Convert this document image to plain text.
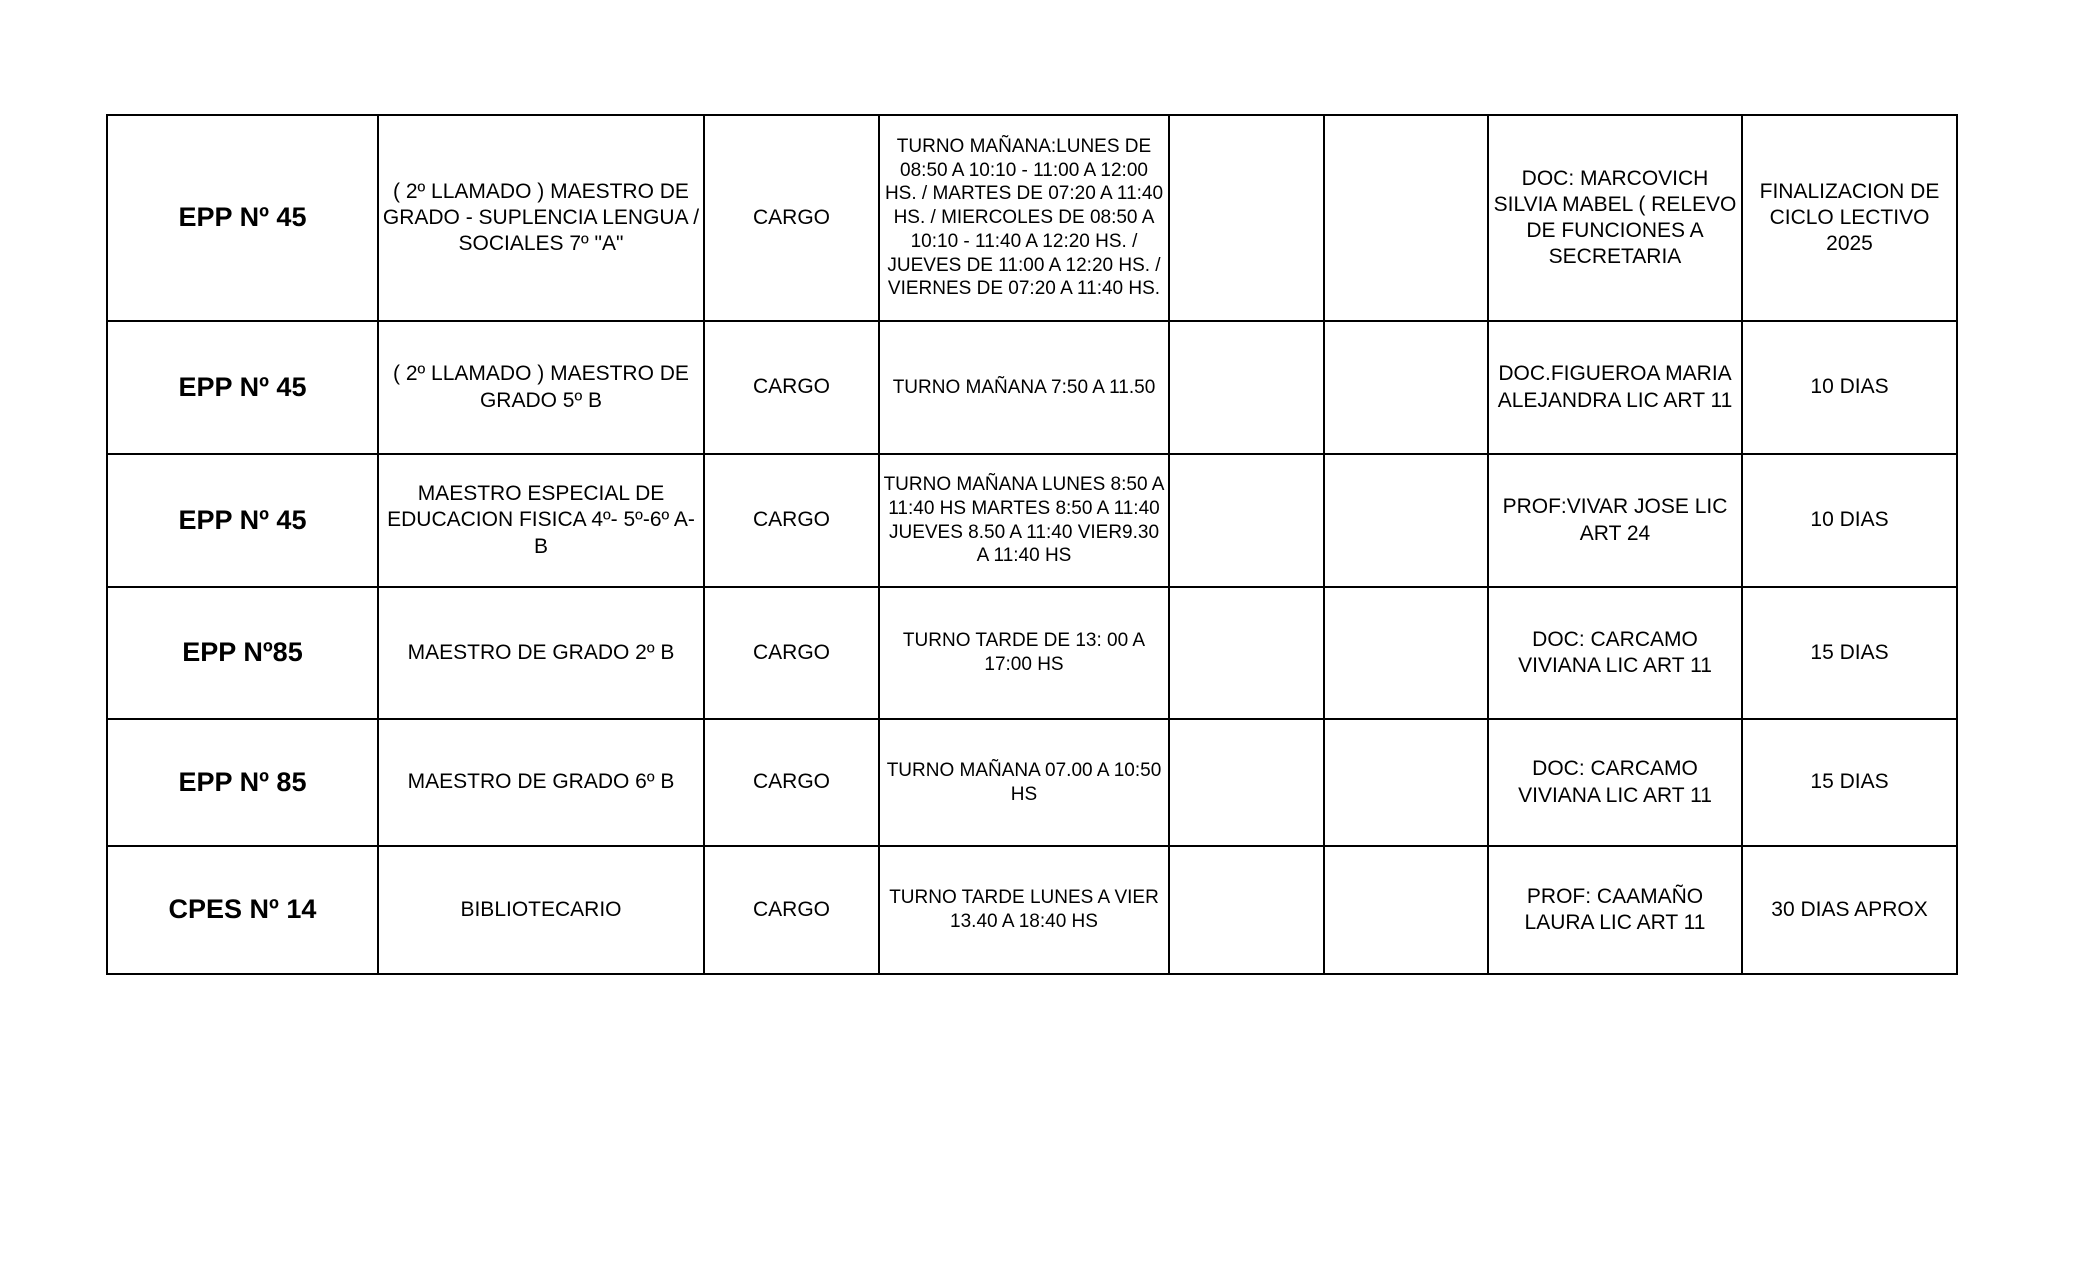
EPP Nº 45	( 2º LLAMADO ) MAESTRO DE GRADO - SUPLENCIA LENGUA / SOCIALES 7º "A"	CARGO	TURNO MAÑANA:LUNES DE 08:50 A 10:10 - 11:00 A 12:00 HS. / MARTES DE 07:20 A 11:40 HS. / MIERCOLES DE 08:50 A 10:10 - 11:40 A 12:20 HS. / JUEVES DE 11:00 A 12:20 HS. / VIERNES DE 07:20 A 11:40 HS.			DOC: MARCOVICH SILVIA MABEL ( RELEVO DE FUNCIONES A SECRETARIA	FINALIZACION DE CICLO LECTIVO 2025
EPP Nº 45	( 2º LLAMADO ) MAESTRO DE GRADO 5º B	CARGO	TURNO MAÑANA 7:50 A 11.50			DOC.FIGUEROA MARIA ALEJANDRA LIC ART 11	10 DIAS
EPP Nº 45	MAESTRO ESPECIAL DE EDUCACION FISICA 4º- 5º-6º A-B	CARGO	TURNO MAÑANA LUNES 8:50 A 11:40 HS MARTES 8:50 A 11:40 JUEVES 8.50 A 11:40 VIER9.30 A 11:40 HS			PROF:VIVAR JOSE LIC ART 24	10 DIAS
EPP Nº85	MAESTRO DE GRADO 2º B	CARGO	TURNO TARDE DE 13: 00 A 17:00 HS			DOC: CARCAMO VIVIANA LIC ART 11	15 DIAS
EPP Nº 85	MAESTRO DE GRADO 6º B	CARGO	TURNO MAÑANA 07.00 A 10:50 HS			DOC: CARCAMO VIVIANA LIC ART 11	15 DIAS
CPES Nº 14	BIBLIOTECARIO	CARGO	TURNO TARDE LUNES A VIER 13.40 A 18:40 HS			PROF: CAAMAÑO LAURA LIC ART 11	30 DIAS APROX
